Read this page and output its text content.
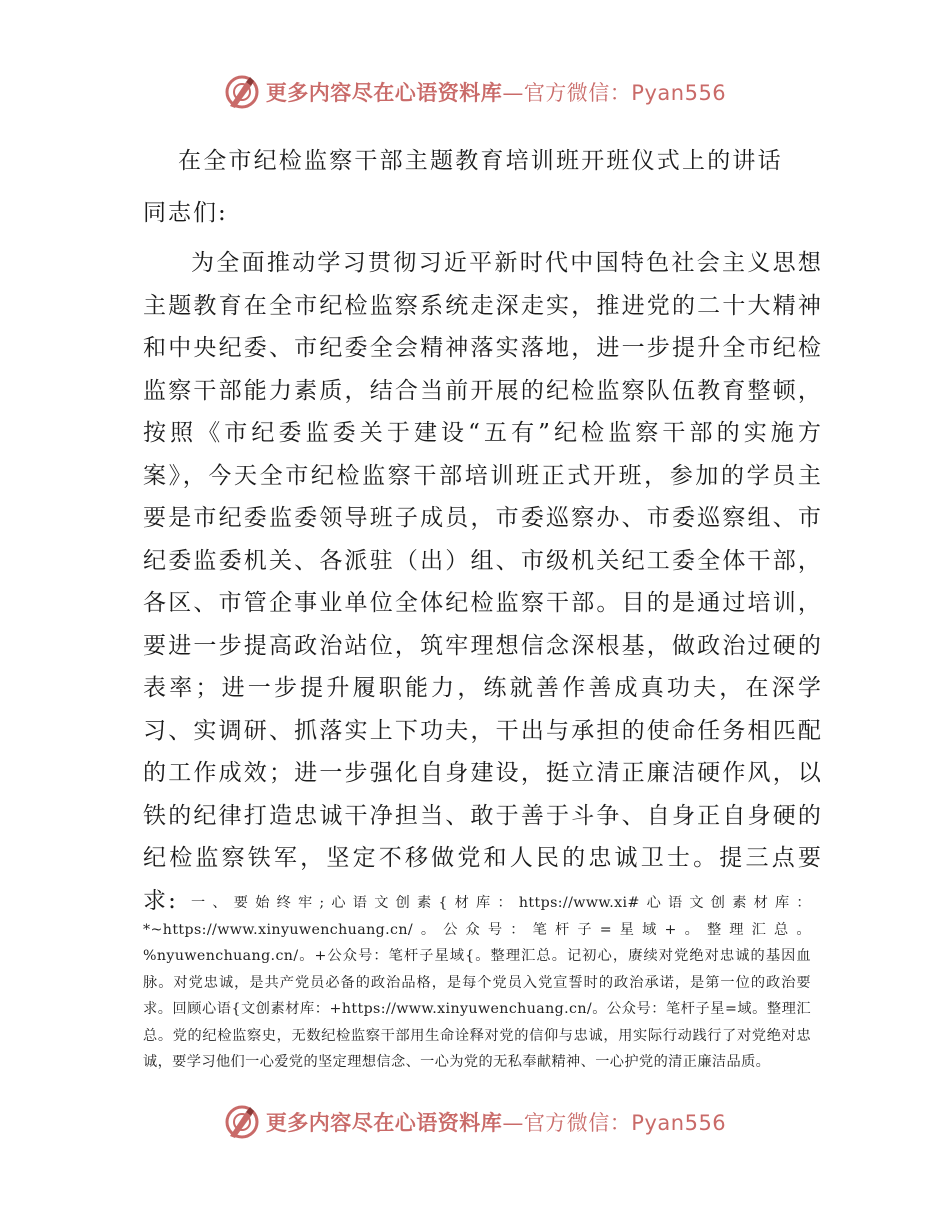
更多内容尽在心语资料库—官方微信：Pyan556
在全市纪检监察干部主题教育培训班开班仪式上的讲话
同志们:

为全面推动学习贯彻习近平新时代中国特色社会主义思想主题教育在全市纪检监察系统走深走实，推进党的二十大精神和中央纪委、市纪委全会精神落实落地，进一步提升全市纪检监察干部能力素质，结合当前开展的纪检监察队伍教育整顿，按照《市纪委监委关于建设“五有”纪检监察干部的实施方案》，今天全市纪检监察干部培训班正式开班，参加的学员主要是市纪委监委领导班子成员，市委巡察办、市委巡察组、市纪委监委机关、各派驻（出）组、市级机关纪工委全体干部，各区、市管企事业单位全体纪检监察干部。目的是通过培训，要进一步提高政治站位，筑牢理想信念深根基，做政治过硬的表率；进一步提升履职能力，练就善作善成真功夫，在深学习、实调研、抓落实上下功夫，干出与承担的使命任务相匹配的工作成效；进一步强化自身建设，挺立清正廉洁硬作风，以铁的纪律打造忠诚干净担当、敢于善于斗争、自身正自身硬的纪检监察铁军，坚定不移做党和人民的忠诚卫士。提三点要求: 一、要始终牢;心语文创素{材库：https://www.xi#心语文创素材库：*~https://www.xinyuwenchuang.cn/。公众号：笔杆子=星域+。整理汇总。%nyuwenchuang.cn/。+公众号：笔杆子星域{。整理汇总。记初心，赓续对党绝对忠诚的基因血脉。对党忠诚，是共产党员必备的政治品格，是每个党员入党宣誓时的政治承诺，是第一位的政治要求。回顾心语{文创素材库：+https://www.xinyuwenchuang.cn/。公众号：笔杆子星=域。整理汇总。党的纪检监察史，无数纪检监察干部用生命诠释对党的信仰与忠诚，用实际行动践行了对党绝对忠诚，要学习他们一心爱党的坚定理想信念、一心为党的无私奉献精神、一心护党的清正廉洁品质。

更多内容尽在心语资料库—官方微信：Pyan556
